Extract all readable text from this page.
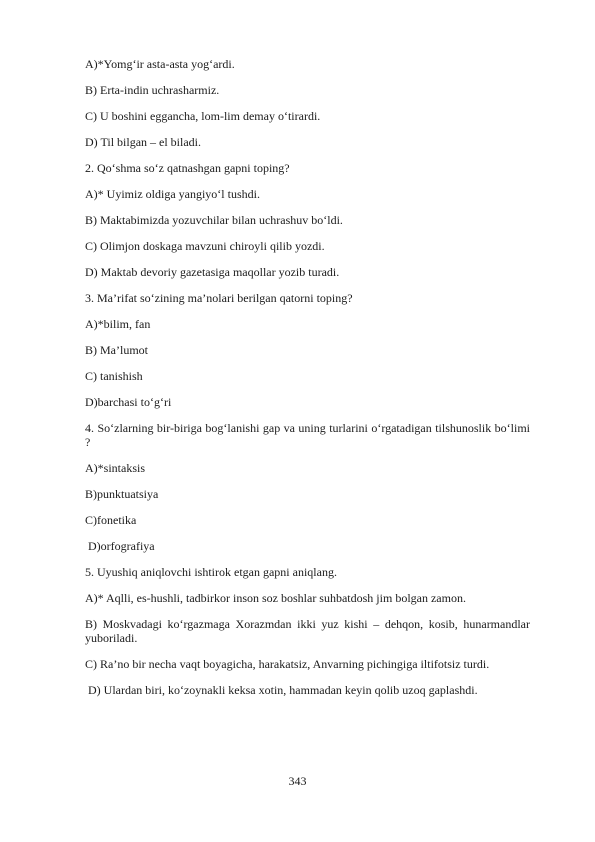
A)*Yomg‘ir asta-asta yog‘ardi.
B) Erta-indin uchrasharmiz.
C) U boshini eggancha, lom-lim demay o‘tirardi.
D) Til bilgan – el biladi.
2. Qo‘shma so‘z qatnashgan gapni toping?
A)* Uyimiz oldiga yangiyo‘l tushdi.
B) Maktabimizda yozuvchilar bilan uchrashuv bo‘ldi.
C) Olimjon doskaga mavzuni chiroyli qilib yozdi.
D) Maktab devoriy gazetasiga maqollar yozib turadi.
3. Ma’rifat so‘zining ma’nolari berilgan qatorni toping?
A)*bilim, fan
B) Ma’lumot
C) tanishish
D)barchasi to‘g‘ri
4. So‘zlarning bir-biriga bog‘lanishi gap va uning turlarini o‘rgatadigan tilshunoslik bo‘limi ?
A)*sintaksis
B)punktuatsiya
C)fonetika
D)orfografiya
5. Uyushiq aniqlovchi ishtirok etgan gapni aniqlang.
A)* Aqlli, es-hushli, tadbirkor inson soz boshlar suhbatdosh jim bolgan zamon.
B) Moskvadagi ko‘rgazmaga Xorazmdan ikki yuz kishi – dehqon, kosib, hunarmandlar yuboriladi.
C) Ra’no bir necha vaqt boyagicha, harakatsiz, Anvarning pichingiga iltifotsiz turdi.
D) Ulardan biri, ko‘zoynakli keksa xotin, hammadan keyin qolib uzoq gaplashdi.
343
